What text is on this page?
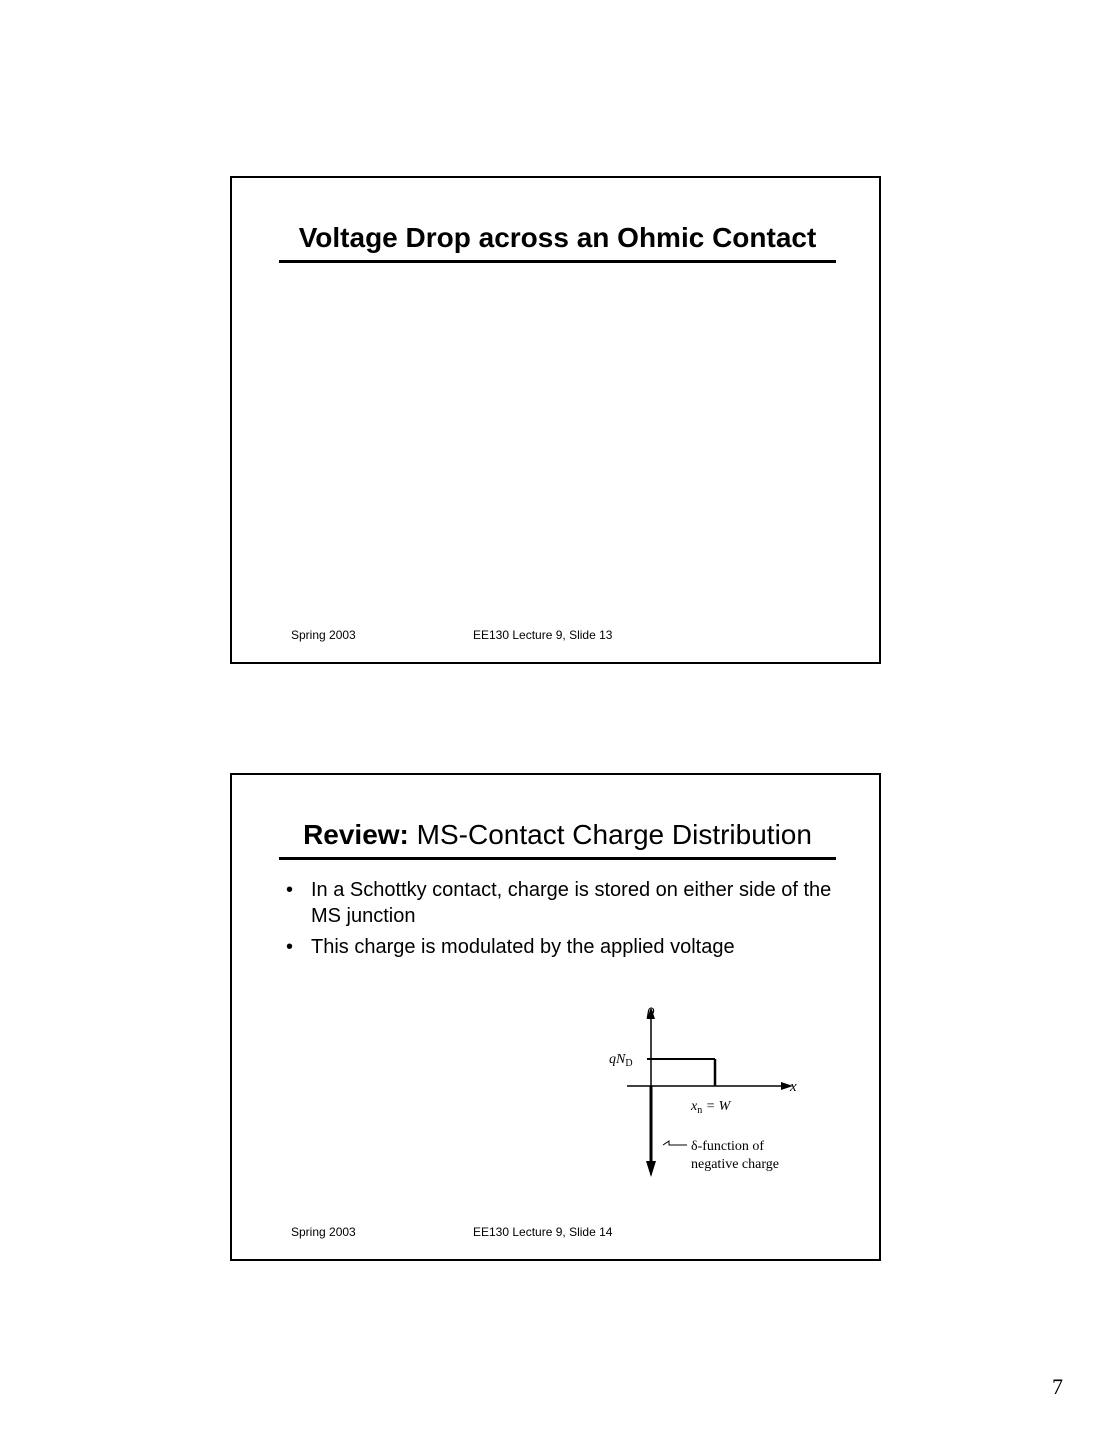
Voltage Drop across an Ohmic Contact
Spring 2003	EE130 Lecture 9, Slide 13
Review: MS-Contact Charge Distribution
• In a Schottky contact, charge is stored on either side of the MS junction
• This charge is modulated by the applied voltage
ρ
$qN_D$
x
$x_n = W$
δ-function of
negative charge
Spring 2003	EE130 Lecture 9, Slide 14
7
